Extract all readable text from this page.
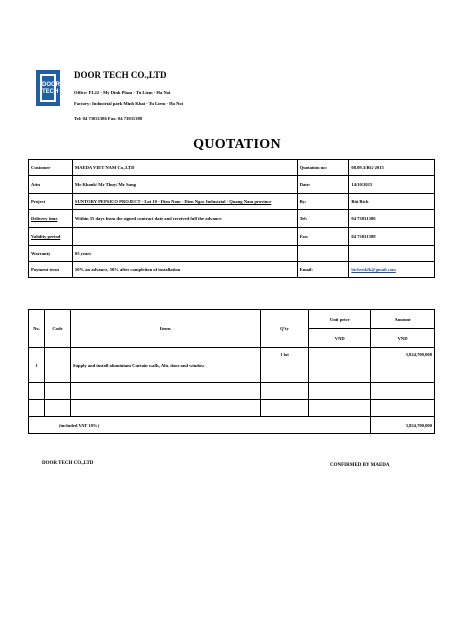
DOOR
TECH
DOOR TECH CO.,LTD
Office: FL22 - My Dinh Plaza - Tu Liem - Ha Noi
Factory: Industrial park Minh Khai - Tu Liem - Ha Noi
Tel: 04 73031386 Fax: 04 73031388
QUOTATION
Customer	MAEDA VIET NAM Co.,LTD	Quotation no:	08.09.3/BG-2015
Attn	Mr Khanh/ Mr Thuy/ Mr Sung	Date:	14/10/2015
Project	SUNTORY PEPSICO PROJECT - Lot 10 - Dien Nam - Dien Ngoc Industrial - Quang Nam province	By:	Bùi Bích
Delivery time	Within 55 days from the signed contract date and received full the advance	Tel:	04 73031386
Validity period		Fax:	04 73031388
Warranty	05 years		
Payment term	50% an advance, 50% after completion of installation	Email:	bichvnkfk@gmail.com
No.	Code	Items	Q'ty	Unit price	Amount
				VND	VND
1		Supply and install aluminium Curtain walls, Alu. door and window	1 lot		3,824,700,000

(included VAT 10%)					3,824,700,000
DOOR TECH CO.,LTD	CONFIRMED BY MAEDA
